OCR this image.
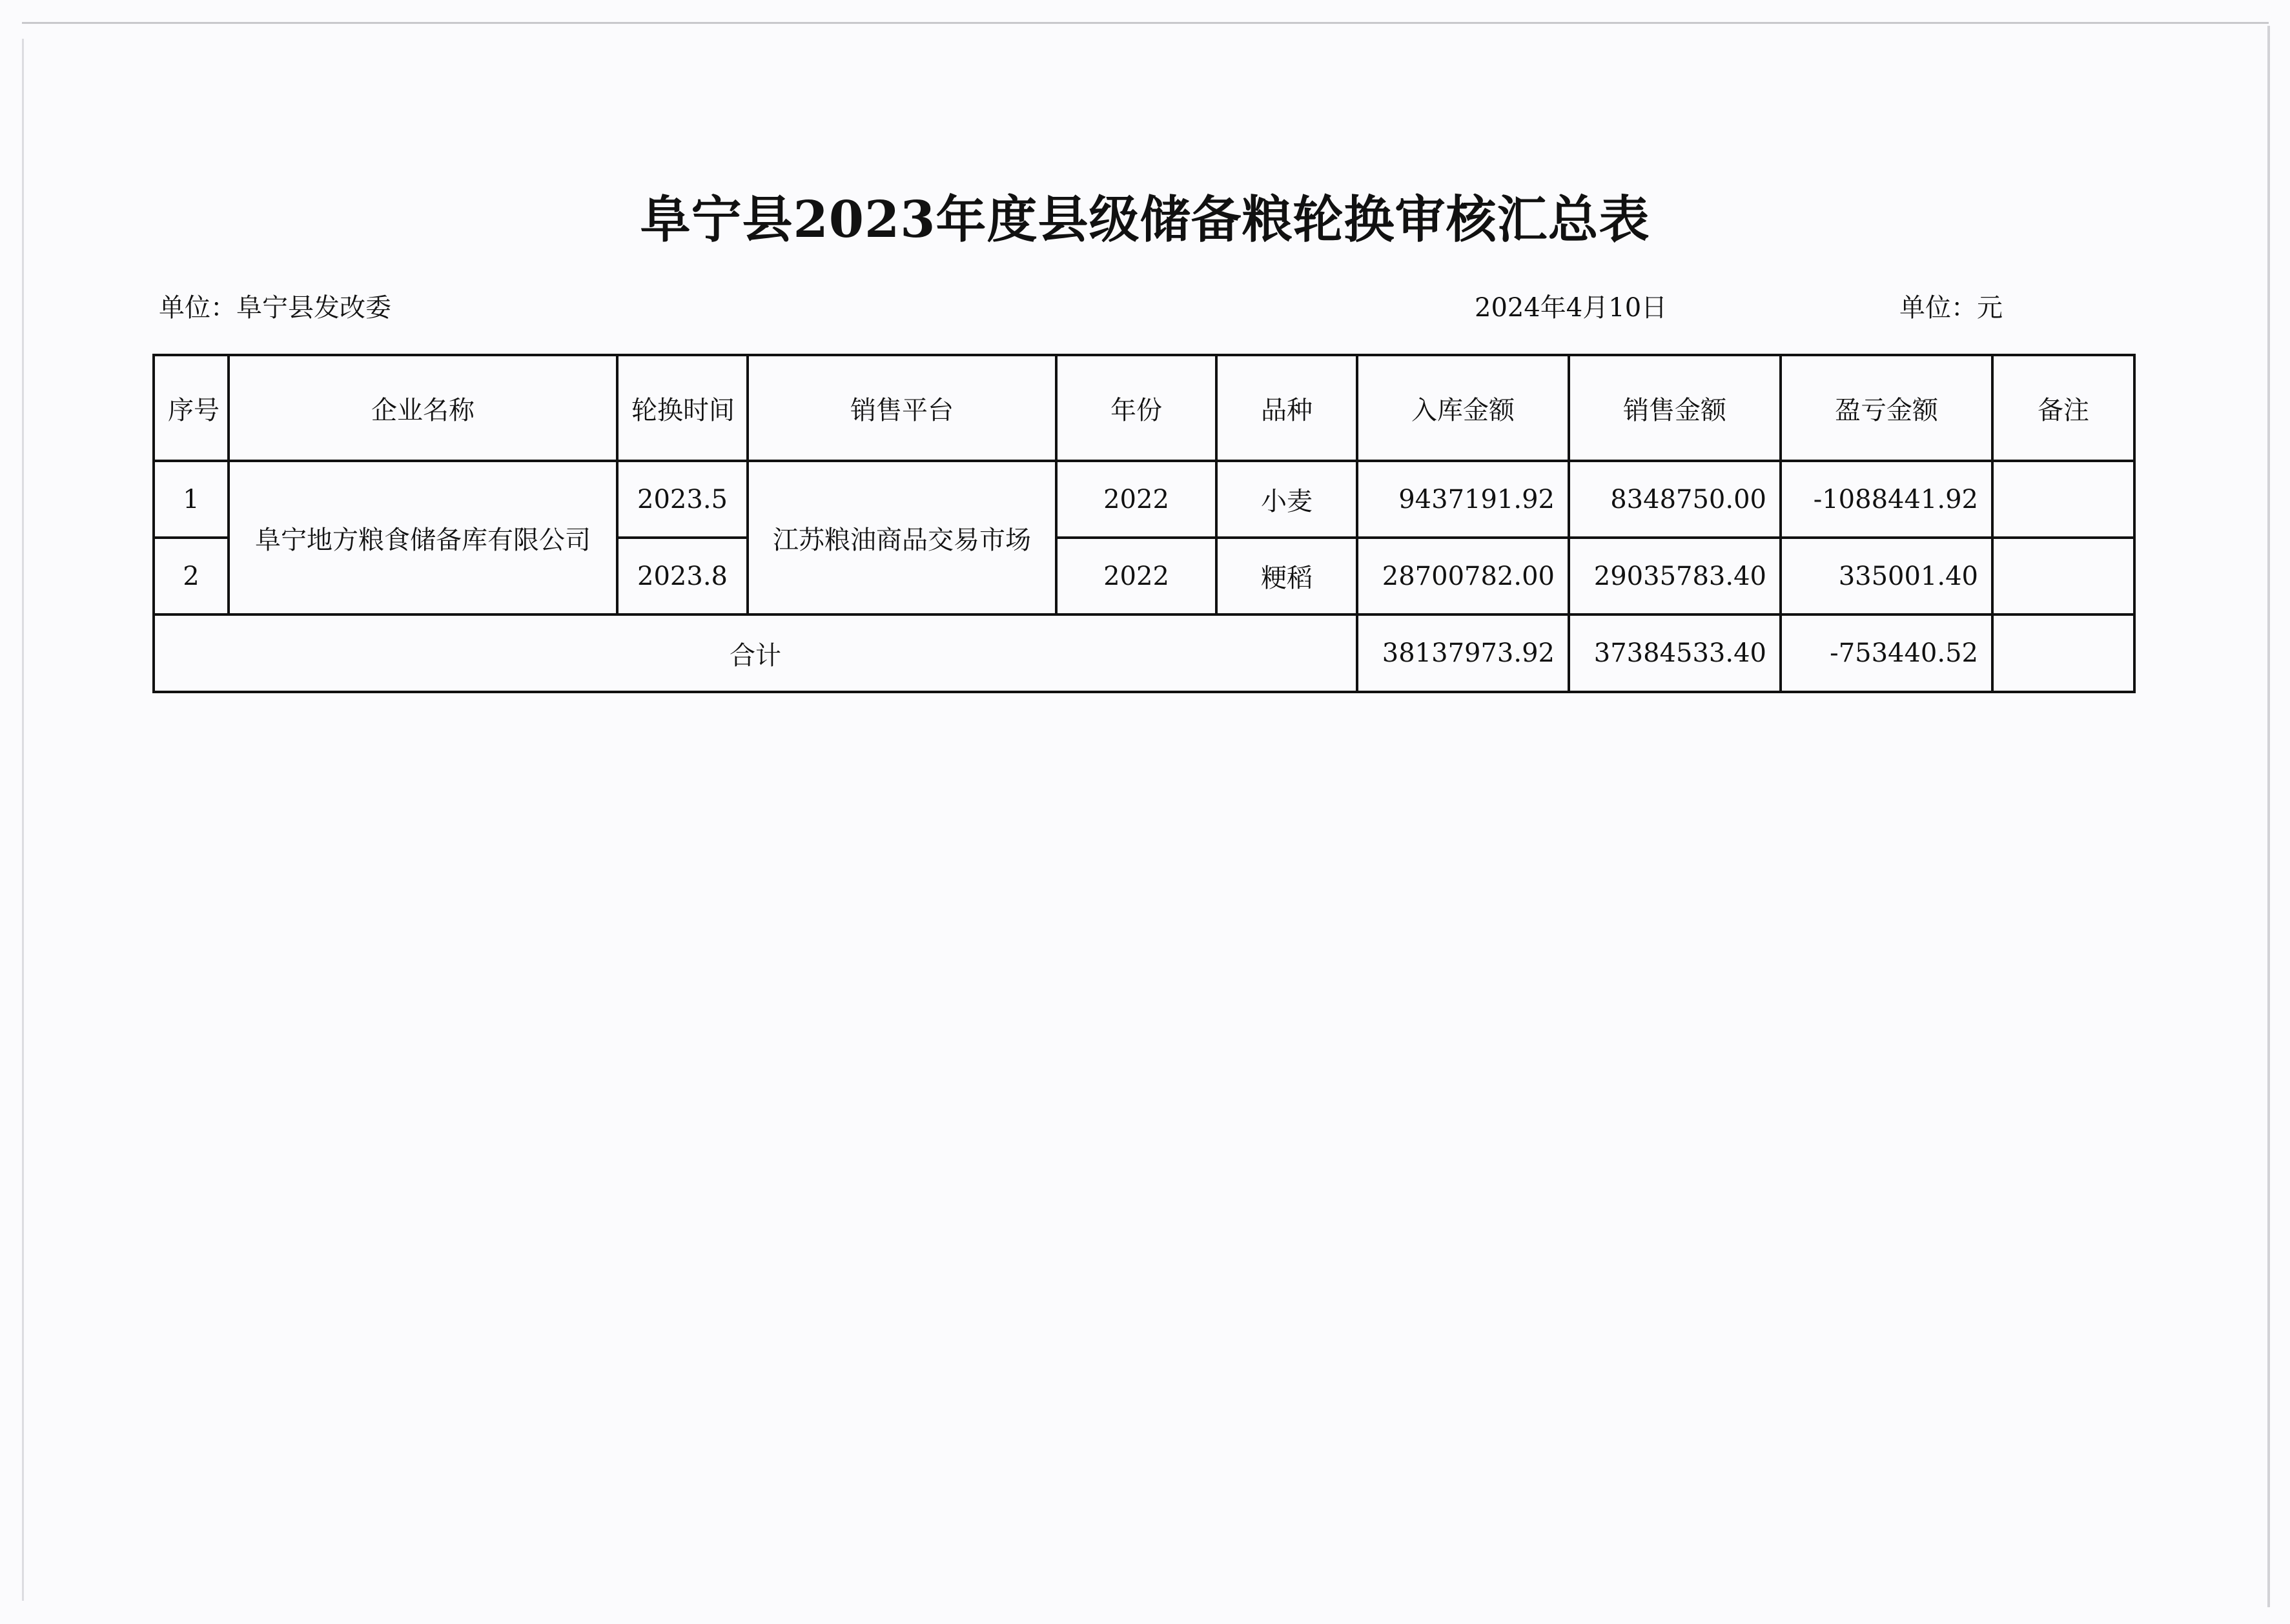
阜宁县2023年度县级储备粮轮换审核汇总表
单位：阜宁县发改委	2024年4月10日	单位：元
序号	企业名称	轮换时间	销售平台	年份	品种	入库金额	销售金额	盈亏金额	备注
1	阜宁地方粮食储备库有限公司	2023.5	江苏粮油商品交易市场	2022	小麦	9437191.92	8348750.00	-1088441.92	
2		2023.8		2022	粳稻	28700782.00	29035783.40	335001.40	
合计						38137973.92	37384533.40	-753440.52	
